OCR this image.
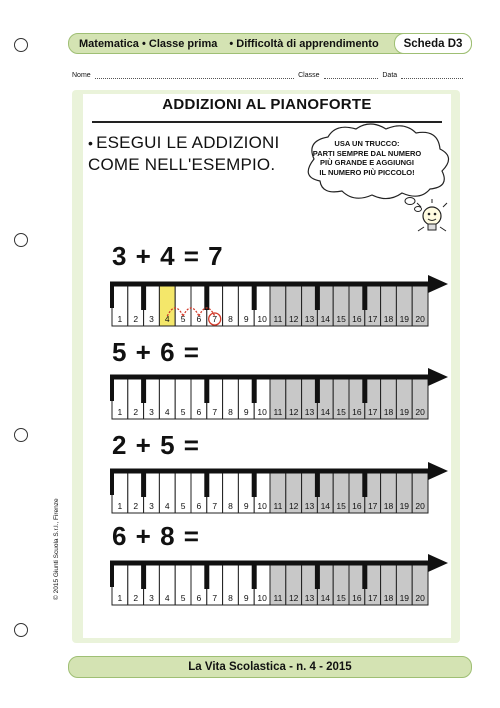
Matematica • Classe prima • Difficoltà di apprendimento	Scheda D3
Nome	Classe	Data
ADDIZIONI AL PIANOFORTE
• ESEGUI LE ADDIZIONI
COME NELL'ESEMPIO.
USA UN TRUCCO:
PARTI SEMPRE DAL NUMERO
PIÙ GRANDE E AGGIUNGI
IL NUMERO PIÙ PICCOLO!
3 + 4 = 7
1 2 3 4 5 6 7 8 9 10 11 12 13 14 15 16 17 18 19 20
5 + 6 =
1 2 3 4 5 6 7 8 9 10 11 12 13 14 15 16 17 18 19 20
2 + 5 =
1 2 3 4 5 6 7 8 9 10 11 12 13 14 15 16 17 18 19 20
6 + 8 =
1 2 3 4 5 6 7 8 9 10 11 12 13 14 15 16 17 18 19 20
© 2015 Giunti Scuola S.r.l., Firenze
La Vita Scolastica - n. 4 - 2015
